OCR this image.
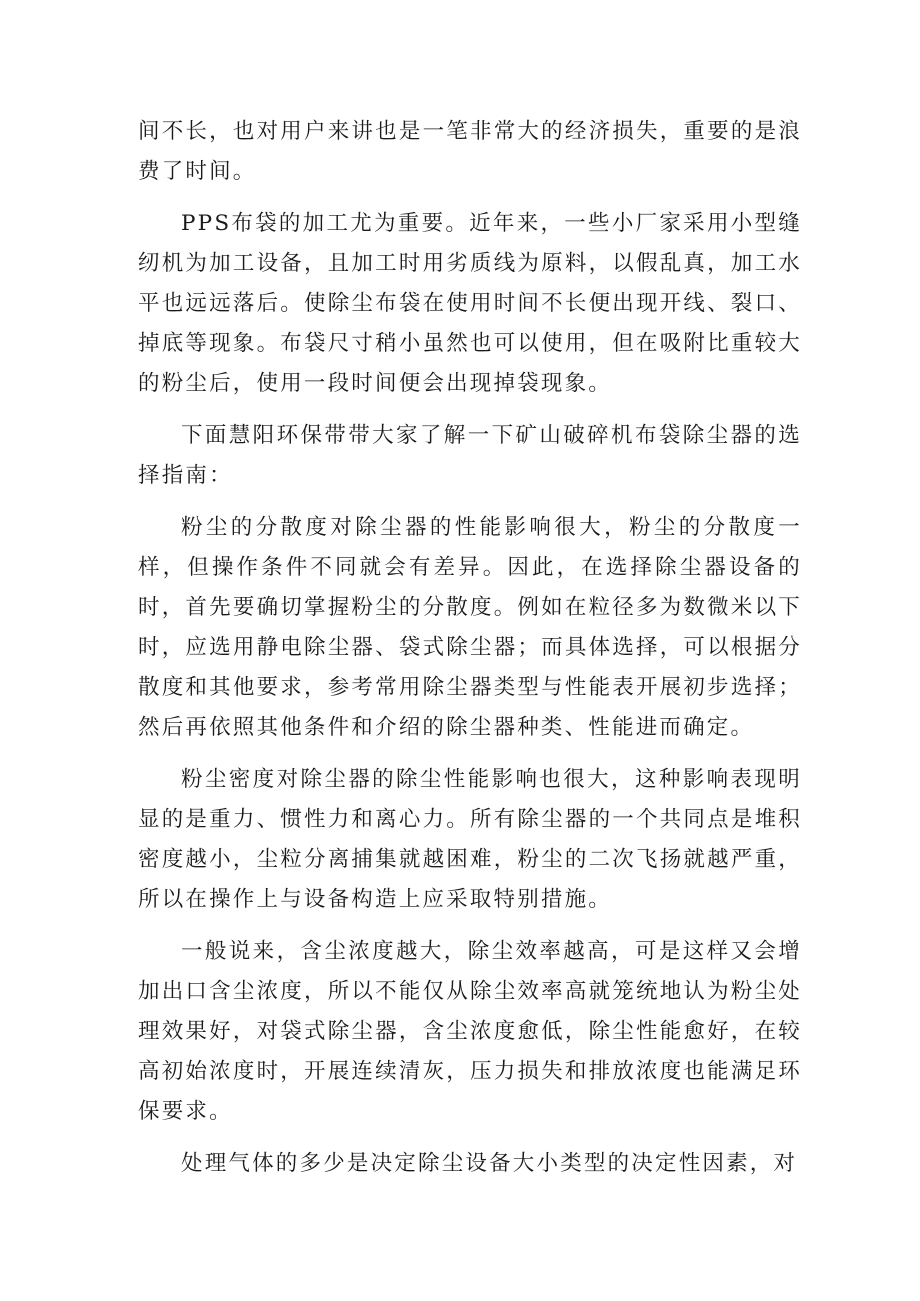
间不长，也对用户来讲也是一笔非常大的经济损失，重要的是浪费了时间。

PPS布袋的加工尤为重要。近年来，一些小厂家采用小型缝纫机为加工设备，且加工时用劣质线为原料，以假乱真，加工水平也远远落后。使除尘布袋在使用时间不长便出现开线、裂口、掉底等现象。布袋尺寸稍小虽然也可以使用，但在吸附比重较大的粉尘后，使用一段时间便会出现掉袋现象。

下面慧阳环保带带大家了解一下矿山破碎机布袋除尘器的选择指南：

粉尘的分散度对除尘器的性能影响很大，粉尘的分散度一样，但操作条件不同就会有差异。因此，在选择除尘器设备的时，首先要确切掌握粉尘的分散度。例如在粒径多为数微米以下时，应选用静电除尘器、袋式除尘器；而具体选择，可以根据分散度和其他要求，参考常用除尘器类型与性能表开展初步选择；然后再依照其他条件和介绍的除尘器种类、性能进而确定。

粉尘密度对除尘器的除尘性能影响也很大，这种影响表现明显的是重力、惯性力和离心力。所有除尘器的一个共同点是堆积密度越小，尘粒分离捕集就越困难，粉尘的二次飞扬就越严重，所以在操作上与设备构造上应采取特别措施。

一般说来，含尘浓度越大，除尘效率越高，可是这样又会增加出口含尘浓度，所以不能仅从除尘效率高就笼统地认为粉尘处理效果好，对袋式除尘器，含尘浓度愈低，除尘性能愈好，在较高初始浓度时，开展连续清灰，压力损失和排放浓度也能满足环保要求。

处理气体的多少是决定除尘设备大小类型的决定性因素，对
